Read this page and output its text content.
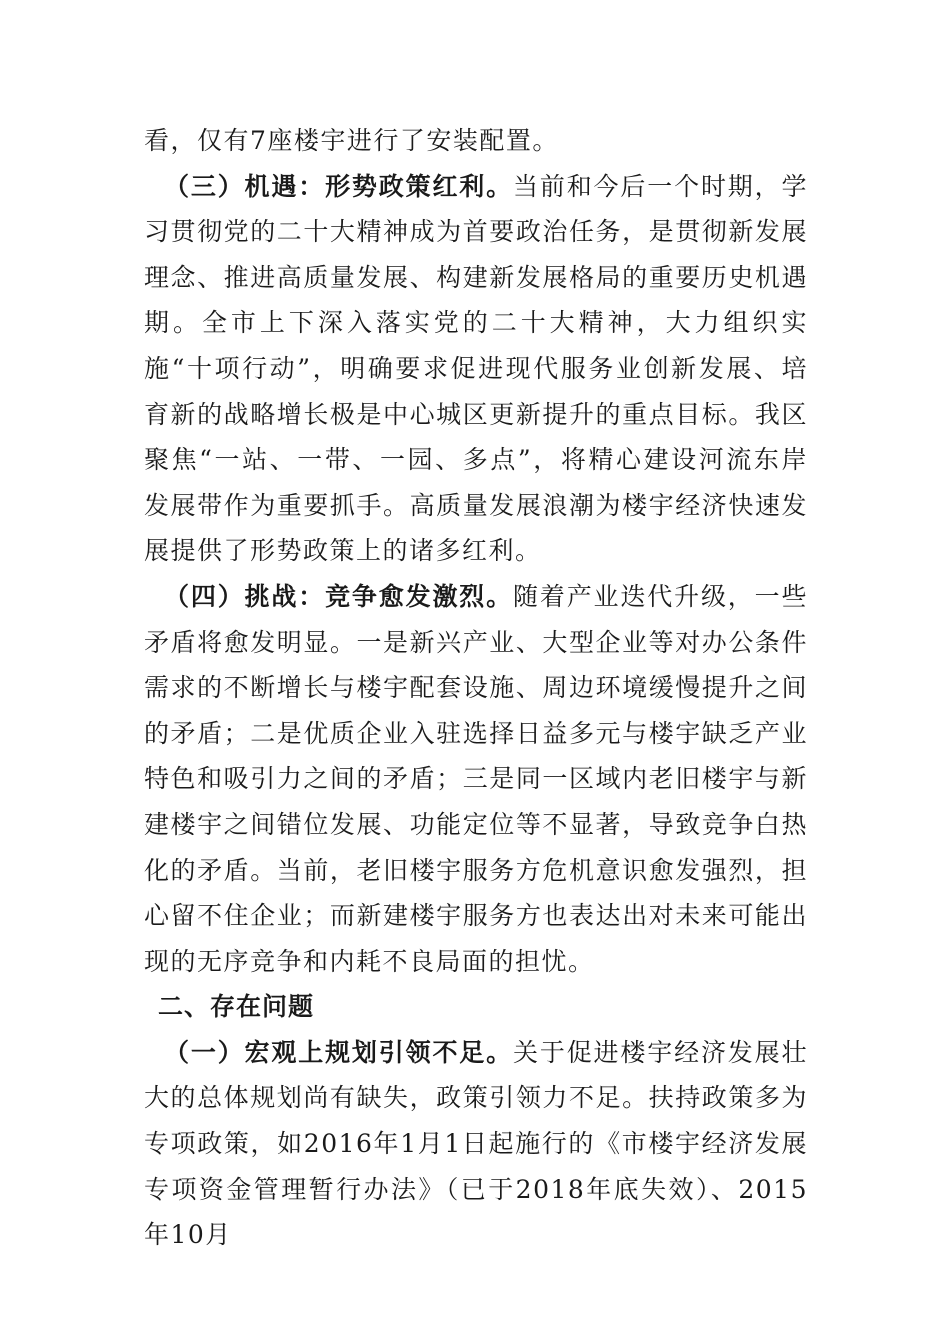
看，仅有7座楼宇进行了安装配置。

（三）机遇：形势政策红利。当前和今后一个时期，学习贯彻党的二十大精神成为首要政治任务，是贯彻新发展理念、推进高质量发展、构建新发展格局的重要历史机遇期。全市上下深入落实党的二十大精神，大力组织实施“十项行动”，明确要求促进现代服务业创新发展、培育新的战略增长极是中心城区更新提升的重点目标。我区聚焦“一站、一带、一园、多点”，将精心建设河流东岸发展带作为重要抓手。高质量发展浪潮为楼宇经济快速发展提供了形势政策上的诸多红利。

（四）挑战：竞争愈发激烈。随着产业迭代升级，一些矛盾将愈发明显。一是新兴产业、大型企业等对办公条件需求的不断增长与楼宇配套设施、周边环境缓慢提升之间的矛盾；二是优质企业入驻选择日益多元与楼宇缺乏产业特色和吸引力之间的矛盾；三是同一区域内老旧楼宇与新建楼宇之间错位发展、功能定位等不显著，导致竞争白热化的矛盾。当前，老旧楼宇服务方危机意识愈发强烈，担心留不住企业；而新建楼宇服务方也表达出对未来可能出现的无序竞争和内耗不良局面的担忧。

二、存在问题

（一）宏观上规划引领不足。关于促进楼宇经济发展壮大的总体规划尚有缺失，政策引领力不足。扶持政策多为专项政策，如2016年1月1日起施行的《市楼宇经济发展专项资金管理暂行办法》（已于2018年底失效）、2015年10月
